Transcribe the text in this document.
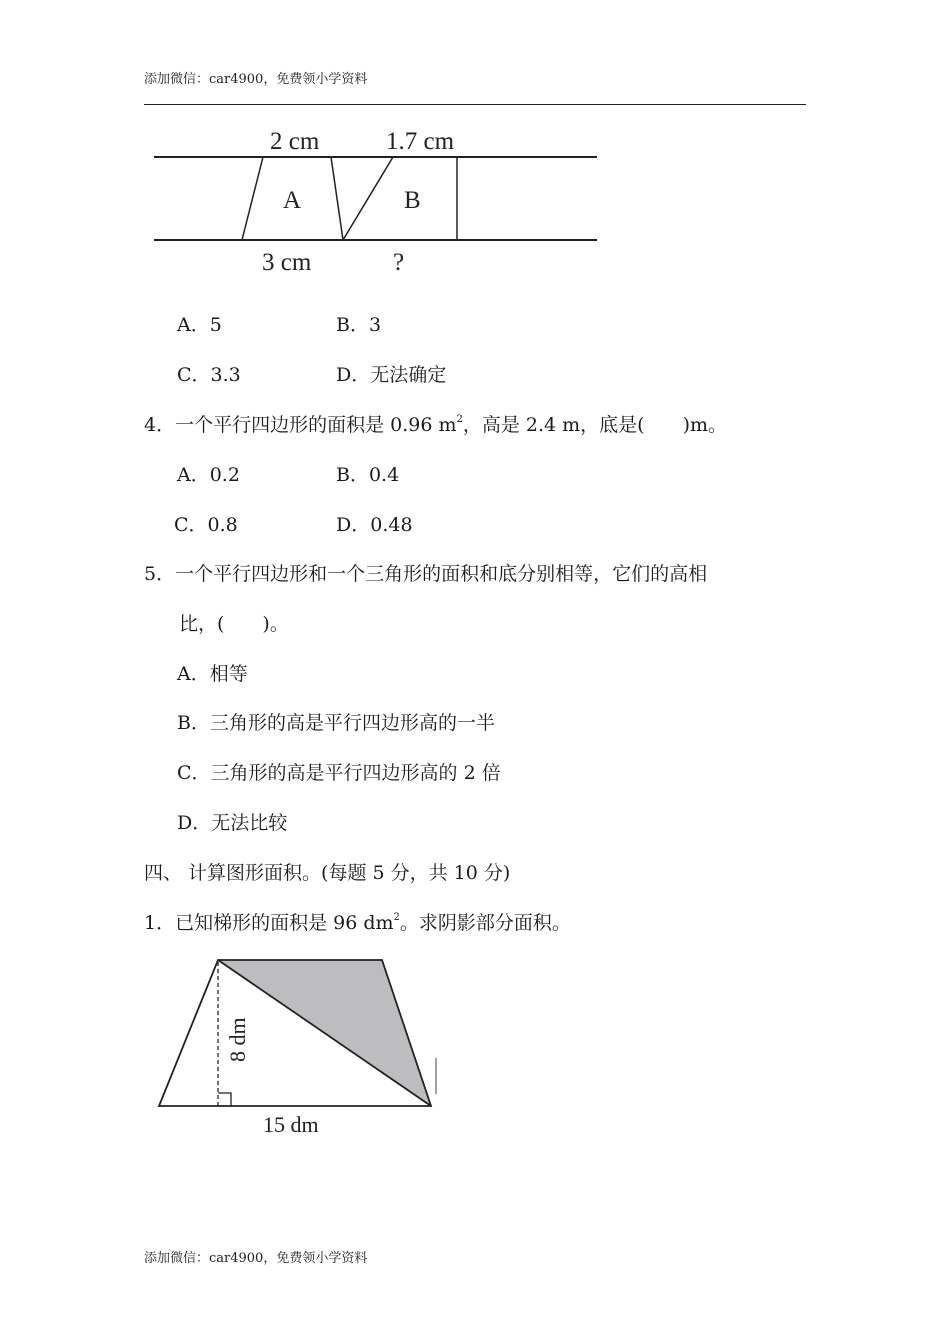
添加微信：car4900，免费领小学资料
2 cm	1.7 cm
A	B
3 cm	?
A．5	B．3
C．3.3	D．无法确定
4．一个平行四边形的面积是 0.96 $m^2$，高是 2.4 m，底是(　　)m。
A．0.2	B．0.4
C．0.8	D．0.48
5．一个平行四边形和一个三角形的面积和底分别相等，它们的高相
比，(　　)。
A．相等
B．三角形的高是平行四边形高的一半
C．三角形的高是平行四边形高的 2 倍
D．无法比较
四、 计算图形面积。(每题 5 分，共 10 分)
1．已知梯形的面积是 96 $dm^2$。求阴影部分面积。
8 dm
15 dm
添加微信：car4900，免费领小学资料
